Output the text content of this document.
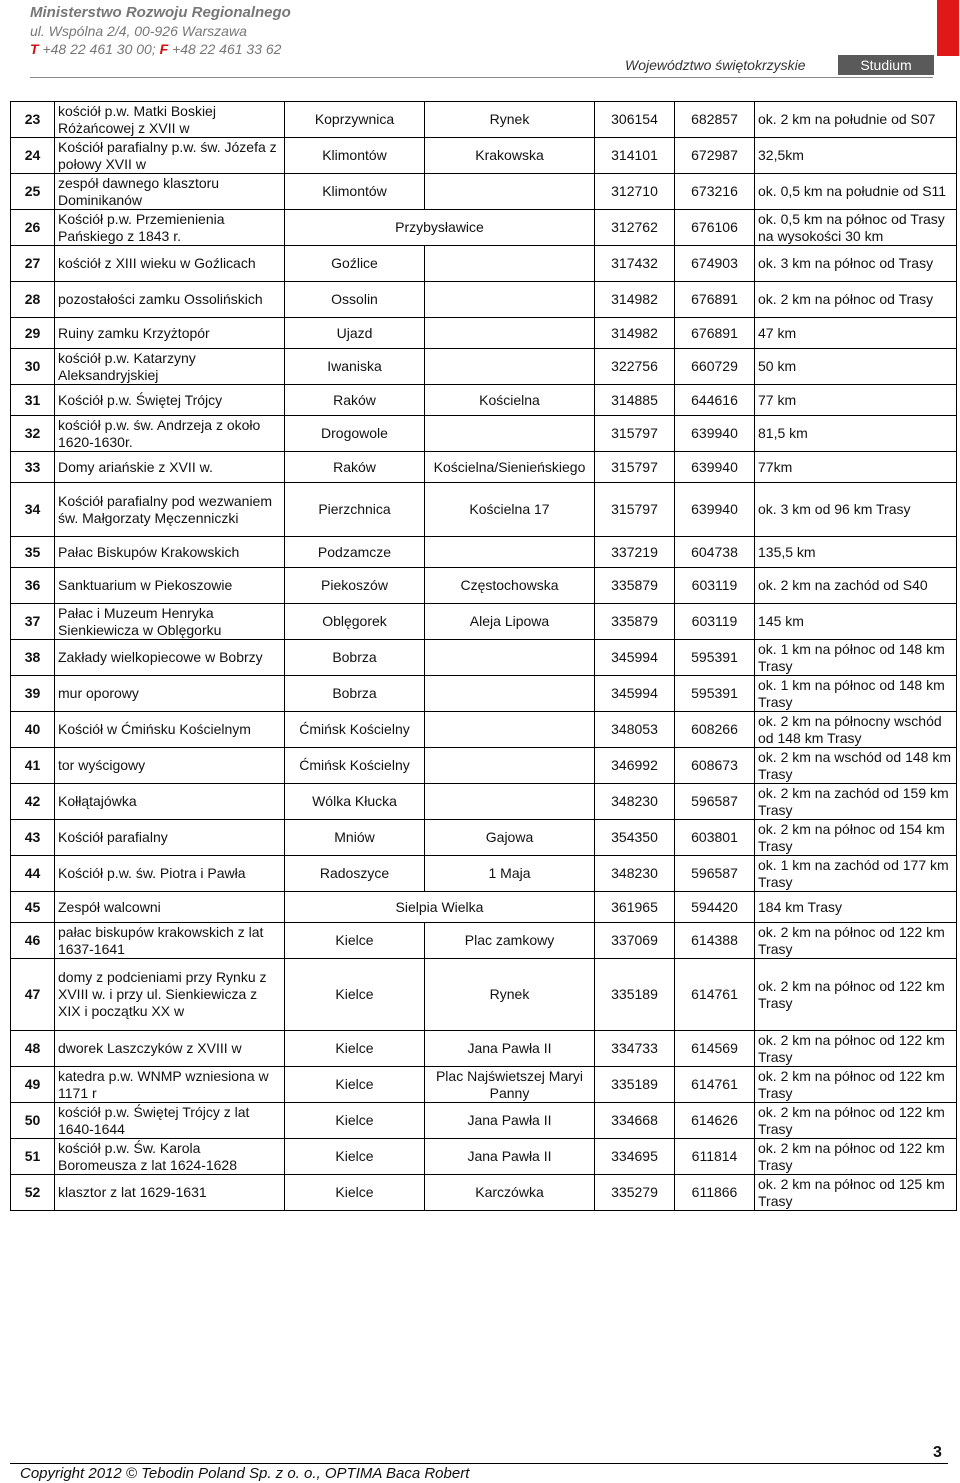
Ministerstwo Rozwoju Regionalnego
ul. Wspólna 2/4, 00-926 Warszawa
T +48 22 461 30 00; F +48 22 461 33 62
Województwo świętokrzyskie	Studium
23	kościół p.w. Matki Boskiej Różańcowej z XVII w	Koprzywnica	Rynek	306154	682857	ok. 2 km na południe od S07
24	Kościół parafialny p.w. św. Józefa z połowy XVII w	Klimontów	Krakowska	314101	672987	32,5km
25	zespół dawnego klasztoru Dominikanów	Klimontów		312710	673216	ok. 0,5 km na południe od S11
26	Kościół p.w. Przemienienia Pańskiego z 1843 r.	Przybysławice		312762	676106	ok. 0,5 km na północ od Trasy na wysokości 30 km
27	kościół z XIII wieku w Goźlicach	Goźlice		317432	674903	ok. 3 km na północ od Trasy
28	pozostałości zamku Ossolińskich	Ossolin		314982	676891	ok. 2 km na północ od Trasy
29	Ruiny zamku Krzyżtopór	Ujazd		314982	676891	47 km
30	kościół p.w. Katarzyny Aleksandryjskiej	Iwaniska		322756	660729	50 km
31	Kościół p.w. Świętej Trójcy	Raków	Kościelna	314885	644616	77 km
32	kościół p.w. św. Andrzeja z około 1620-1630r.	Drogowole		315797	639940	81,5 km
33	Domy ariańskie z XVII w.	Raków	Kościelna/Sienieńskiego	315797	639940	77km
34	Kościół parafialny pod wezwaniem św. Małgorzaty Męczenniczki	Pierzchnica	Kościelna 17	315797	639940	ok. 3 km od 96 km Trasy
35	Pałac Biskupów Krakowskich	Podzamcze		337219	604738	135,5 km
36	Sanktuarium w Piekoszowie	Piekoszów	Częstochowska	335879	603119	ok. 2 km na zachód od S40
37	Pałac i Muzeum Henryka Sienkiewicza w Oblęgorku	Oblęgorek	Aleja Lipowa	335879	603119	145 km
38	Zakłady wielkopiecowe w Bobrzy	Bobrza		345994	595391	ok. 1 km na północ od 148 km Trasy
39	mur oporowy	Bobrza		345994	595391	ok. 1 km na północ od 148 km Trasy
40	Kościół w Ćmińsku Kościelnym	Ćmińsk Kościelny		348053	608266	ok. 2 km na północny wschód od 148 km Trasy
41	tor wyścigowy	Ćmińsk Kościelny		346992	608673	ok. 2 km na wschód od 148 km Trasy
42	Kołłątajówka	Wólka Kłucka		348230	596587	ok. 2 km na zachód od 159 km Trasy
43	Kościół parafialny	Mniów	Gajowa	354350	603801	ok. 2 km na północ od 154 km Trasy
44	Kościół p.w. św. Piotra i Pawła	Radoszyce	1 Maja	348230	596587	ok. 1 km na zachód od 177 km Trasy
45	Zespół walcowni	Sielpia Wielka		361965	594420	184 km Trasy
46	pałac biskupów krakowskich z lat 1637-1641	Kielce	Plac zamkowy	337069	614388	ok. 2 km na północ od 122 km Trasy
47	domy z podcieniami przy Rynku z XVIII w. i przy ul. Sienkiewicza z XIX i początku XX w	Kielce	Rynek	335189	614761	ok. 2 km na północ od 122 km Trasy
48	dworek Laszczyków z XVIII w	Kielce	Jana Pawła II	334733	614569	ok. 2 km na północ od 122 km Trasy
49	katedra p.w. WNMP wzniesiona w 1171 r	Kielce	Plac Najświetszej Maryi Panny	335189	614761	ok. 2 km na północ od 122 km Trasy
50	kościół p.w. Świętej Trójcy z lat 1640-1644	Kielce	Jana Pawła II	334668	614626	ok. 2 km na północ od 122 km Trasy
51	kościół p.w. Św. Karola Boromeusza z lat 1624-1628	Kielce	Jana Pawła II	334695	611814	ok. 2 km na północ od 122 km Trasy
52	klasztor z lat 1629-1631	Kielce	Karczówka	335279	611866	ok. 2 km na północ od 125 km Trasy
3
Copyright 2012 © Tebodin Poland Sp. z o. o., OPTIMA Baca Robert
